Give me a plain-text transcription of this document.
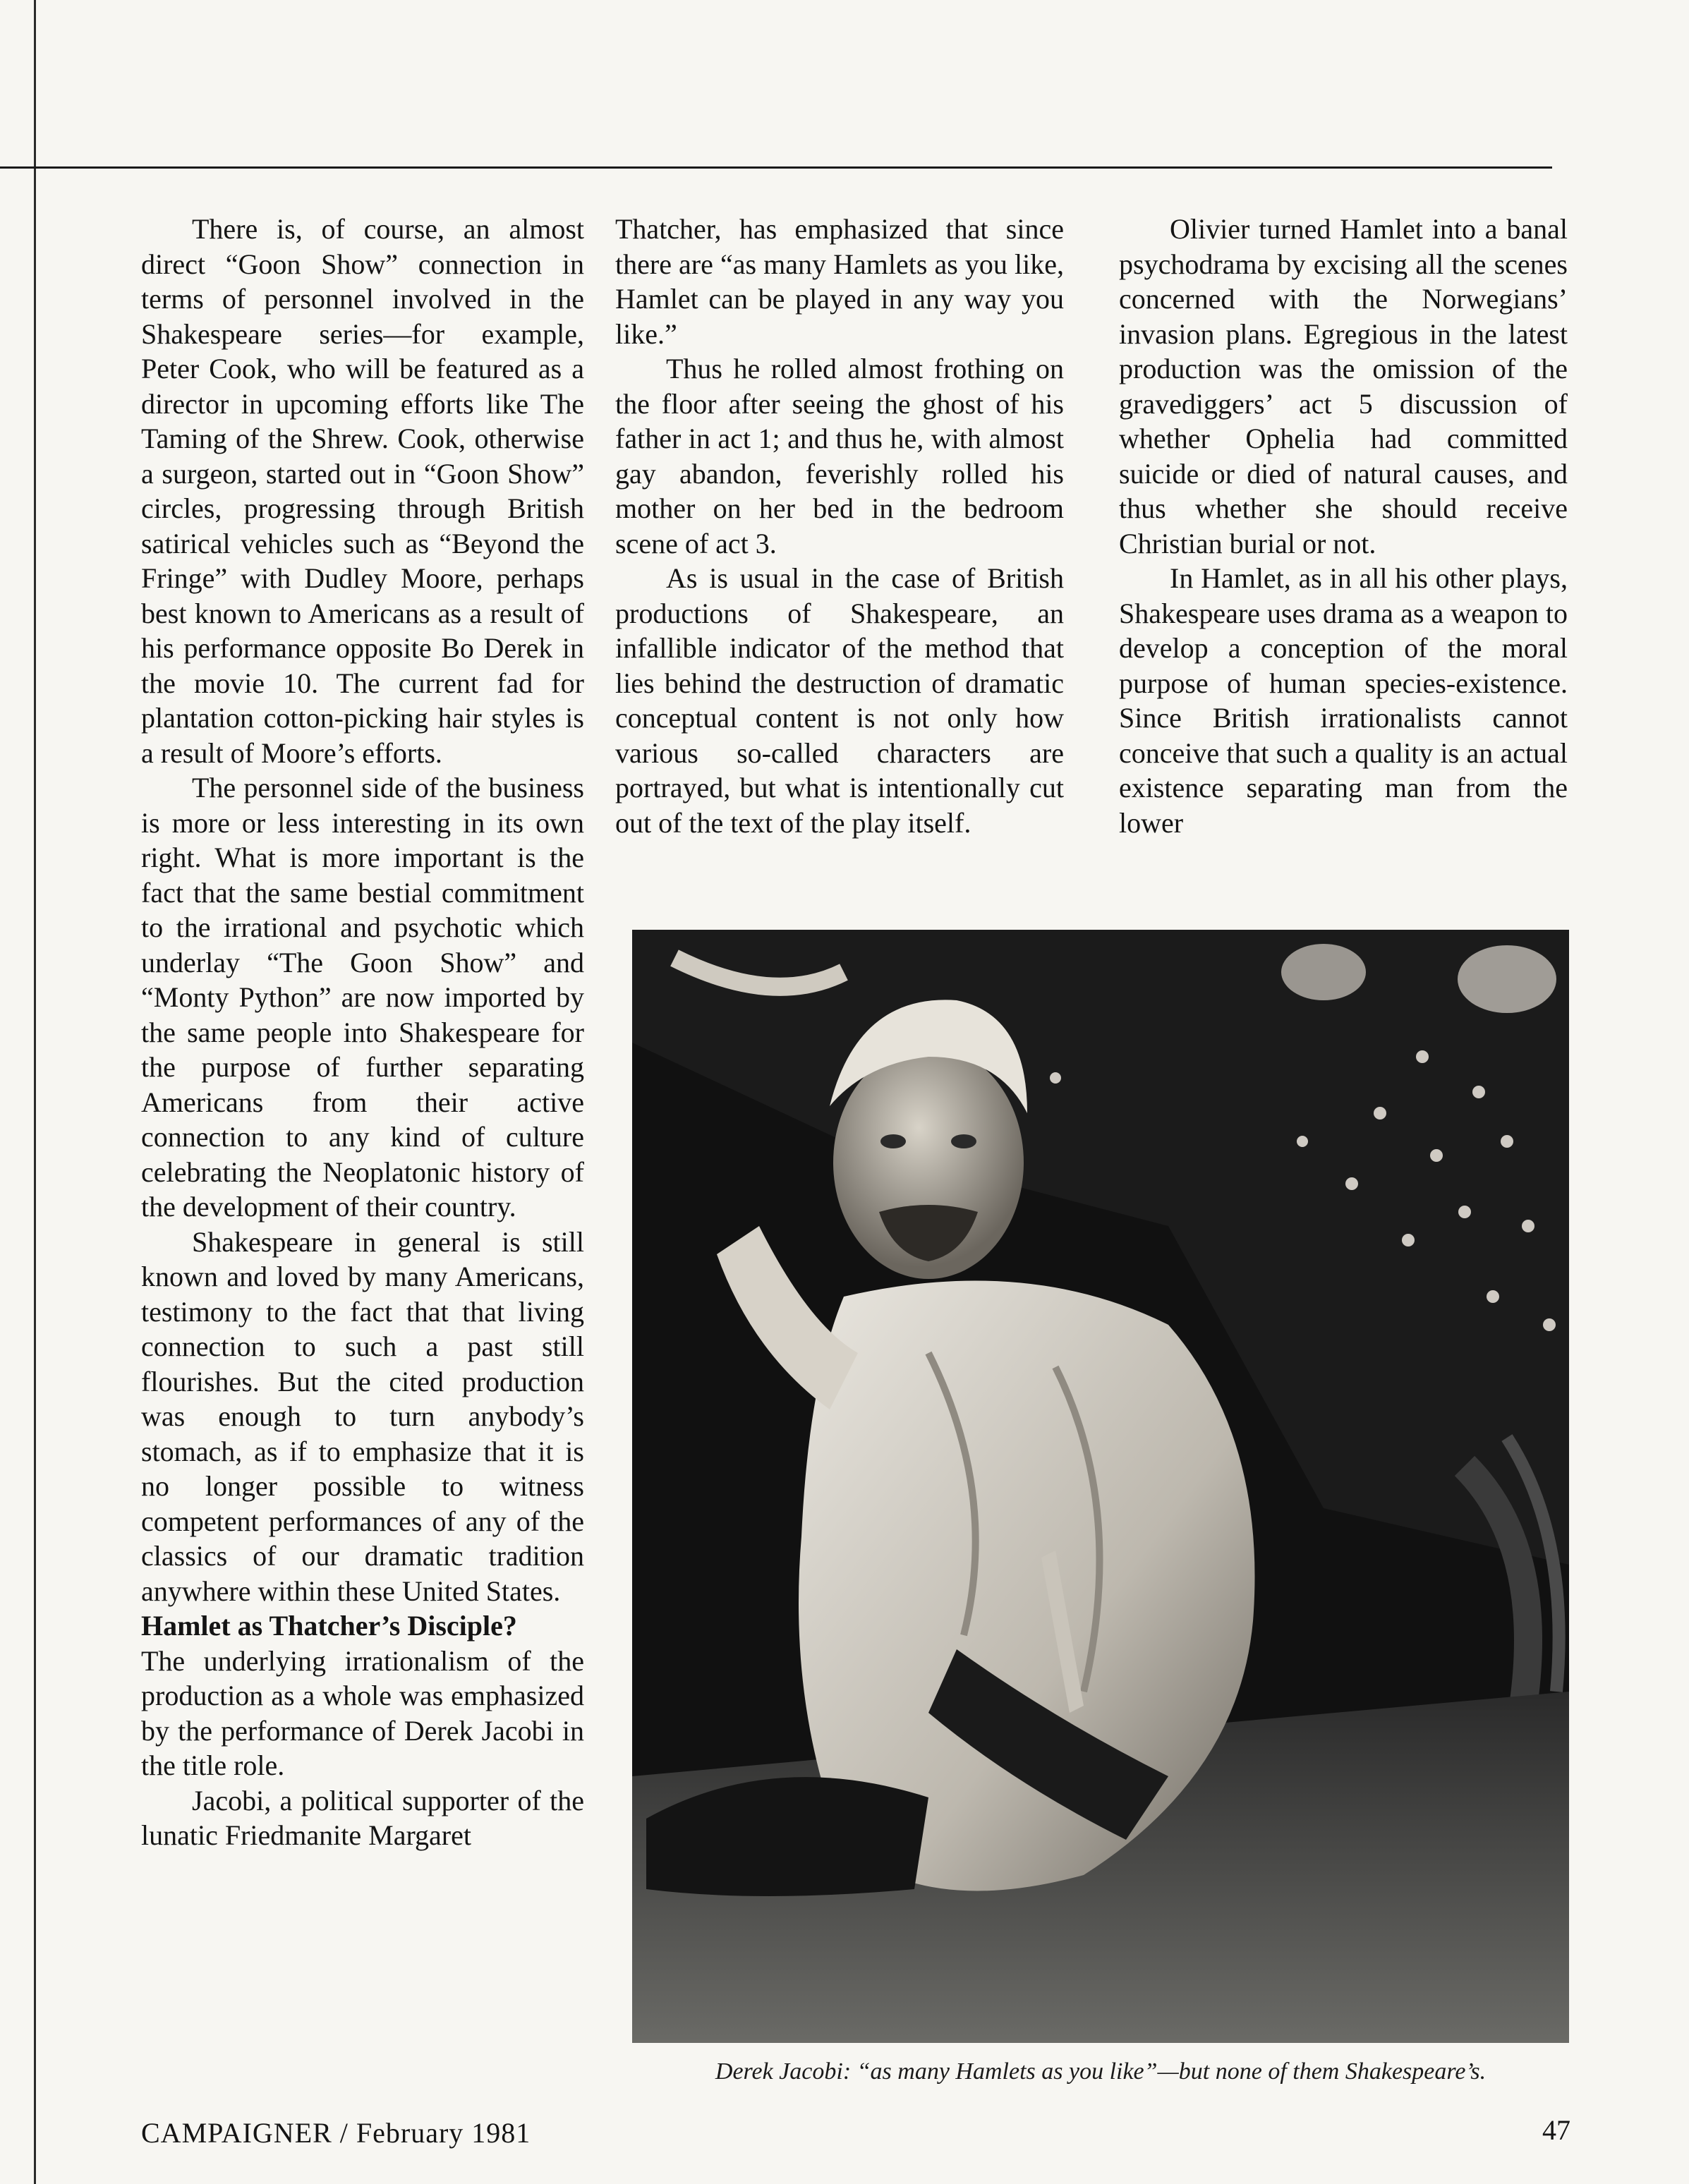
There is, of course, an almost direct “Goon Show” connection in terms of personnel involved in the Shakespeare series—for example, Peter Cook, who will be featured as a director in upcoming efforts like The Taming of the Shrew. Cook, otherwise a surgeon, started out in “Goon Show” circles, progressing through British satirical vehicles such as “Beyond the Fringe” with Dudley Moore, perhaps best known to Americans as a result of his performance opposite Bo Derek in the movie 10. The current fad for plantation cotton-picking hair styles is a result of Moore’s efforts.

The personnel side of the business is more or less interesting in its own right. What is more important is the fact that the same bestial commitment to the irrational and psychotic which underlay “The Goon Show” and “Monty Python” are now imported by the same people into Shakespeare for the purpose of further separating Americans from their active connection to any kind of culture celebrating the Neoplatonic history of the development of their country.

Shakespeare in general is still known and loved by many Americans, testimony to the fact that that living connection to such a past still flourishes. But the cited production was enough to turn anybody’s stomach, as if to emphasize that it is no longer possible to witness competent performances of any of the classics of our dramatic tradition anywhere within these United States.

Hamlet as Thatcher’s Disciple?

The underlying irrationalism of the production as a whole was emphasized by the performance of Derek Jacobi in the title role.

Jacobi, a political supporter of the lunatic Friedmanite Margaret

Thatcher, has emphasized that since there are “as many Hamlets as you like, Hamlet can be played in any way you like.”

Thus he rolled almost frothing on the floor after seeing the ghost of his father in act 1; and thus he, with almost gay abandon, feverishly rolled his mother on her bed in the bedroom scene of act 3.

As is usual in the case of British productions of Shakespeare, an infallible indicator of the method that lies behind the destruction of dramatic conceptual content is not only how various so-called characters are portrayed, but what is intentionally cut out of the text of the play itself.

Olivier turned Hamlet into a banal psychodrama by excising all the scenes concerned with the Norwegians’ invasion plans. Egregious in the latest production was the omission of the gravediggers’ act 5 discussion of whether Ophelia had committed suicide or died of natural causes, and thus whether she should receive Christian burial or not.

In Hamlet, as in all his other plays, Shakespeare uses drama as a weapon to develop a conception of the moral purpose of human species-existence. Since British irrationalists cannot conceive that such a quality is an actual existence separating man from the lower

Derek Jacobi: “as many Hamlets as you like”—but none of them Shakespeare’s.
CAMPAIGNER / February 1981	47
